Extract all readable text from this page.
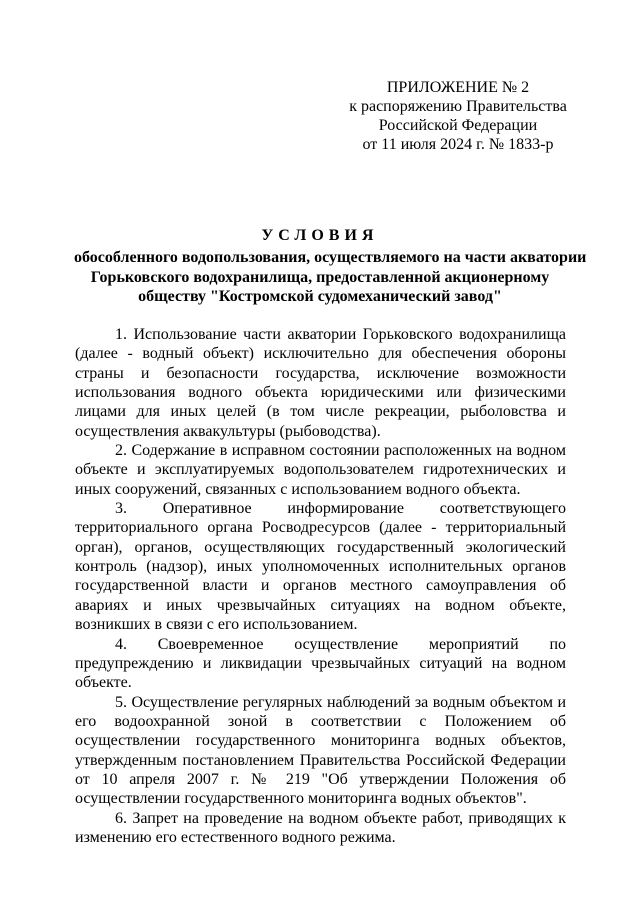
ПРИЛОЖЕНИЕ № 2
к распоряжению Правительства
Российской Федерации
от 11 июля 2024 г. № 1833-р
УСЛОВИЯ
обособленного водопользования, осуществляемого на части акватории
Горьковского водохранилища, предоставленной акционерному
обществу "Костромской судомеханический завод"

1. Использование части акватории Горьковского водохранилища (далее - водный объект) исключительно для обеспечения обороны страны и безопасности государства, исключение возможности использования водного объекта юридическими или физическими лицами для иных целей (в том числе рекреации, рыболовства и осуществления аквакультуры (рыбоводства).

2. Содержание в исправном состоянии расположенных на водном объекте и эксплуатируемых водопользователем гидротехнических и иных сооружений, связанных с использованием водного объекта.

3. Оперативное информирование соответствующего территориального органа Росводресурсов (далее - территориальный орган), органов, осуществляющих государственный экологический контроль (надзор), иных уполномоченных исполнительных органов государственной власти и органов местного самоуправления об авариях и иных чрезвычайных ситуациях на водном объекте, возникших в связи с его использованием.

4. Своевременное осуществление мероприятий по предупреждению и ликвидации чрезвычайных ситуаций на водном объекте.

5. Осуществление регулярных наблюдений за водным объектом и его водоохранной зоной в соответствии с Положением об осуществлении государственного мониторинга водных объектов, утвержденным постановлением Правительства Российской Федерации от 10 апреля 2007 г. № 219 "Об утверждении Положения об осуществлении государственного мониторинга водных объектов".

6. Запрет на проведение на водном объекте работ, приводящих к изменению его естественного водного режима.
